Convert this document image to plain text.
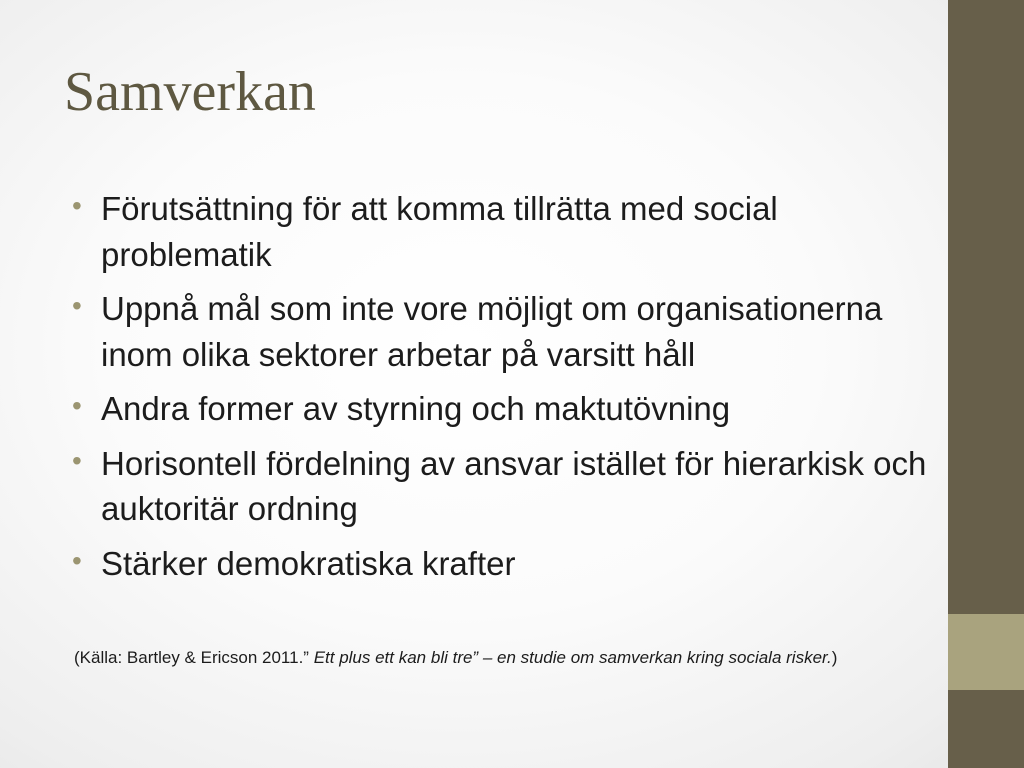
Samverkan
• Förutsättning för att komma tillrätta med social problematik
• Uppnå mål som inte vore möjligt om organisationerna inom olika sektorer arbetar på varsitt håll
• Andra former av styrning och maktutövning
• Horisontell fördelning av ansvar istället för hierarkisk och auktoritär ordning
• Stärker demokratiska krafter

(Källa: Bartley & Ericson 2011.” Ett plus ett kan bli tre” – en studie om samverkan kring sociala risker.)
